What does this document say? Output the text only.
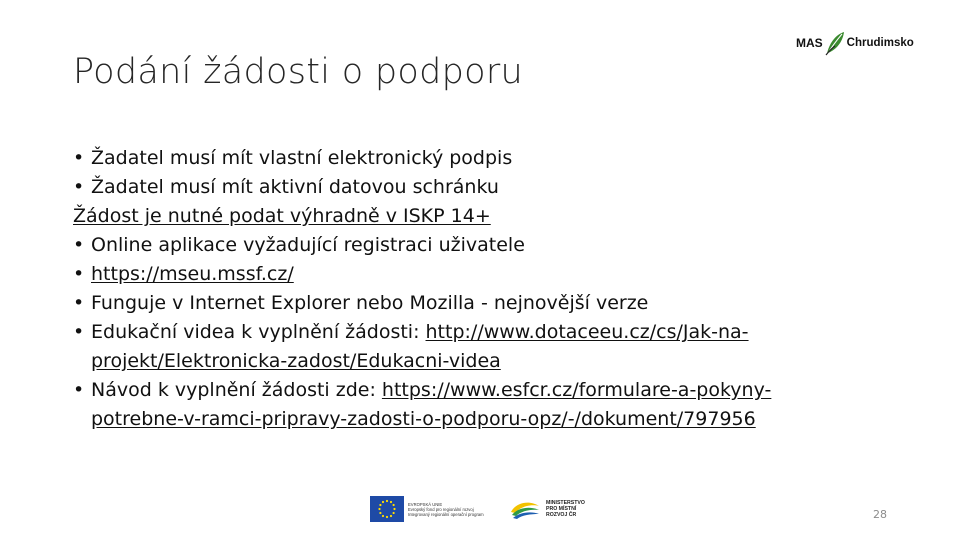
Podání žádosti o podporu
MAS Chrudimsko
• Žadatel musí mít vlastní elektronický podpis
• Žadatel musí mít aktivní datovou schránku
Žádost je nutné podat výhradně v ISKP 14+
• Online aplikace vyžadující registraci uživatele
• https://mseu.mssf.cz/
• Funguje v Internet Explorer nebo Mozilla - nejnovější verze
• Edukační videa k vyplnění žádosti: http://www.dotaceeu.cz/cs/Jak-na-
projekt/Elektronicka-zadost/Edukacni-videa
• Návod k vyplnění žádosti zde: https://www.esfcr.cz/formulare-a-pokyny-
potrebne-v-ramci-pripravy-zadosti-o-podporu-opz/-/dokument/797956
EVROPSKÁ UNIE
Evropský fond pro regionální rozvoj
Integrovaný regionální operační program
MINISTERSTVO
PRO MÍSTNÍ
ROZVOJ ČR	28
